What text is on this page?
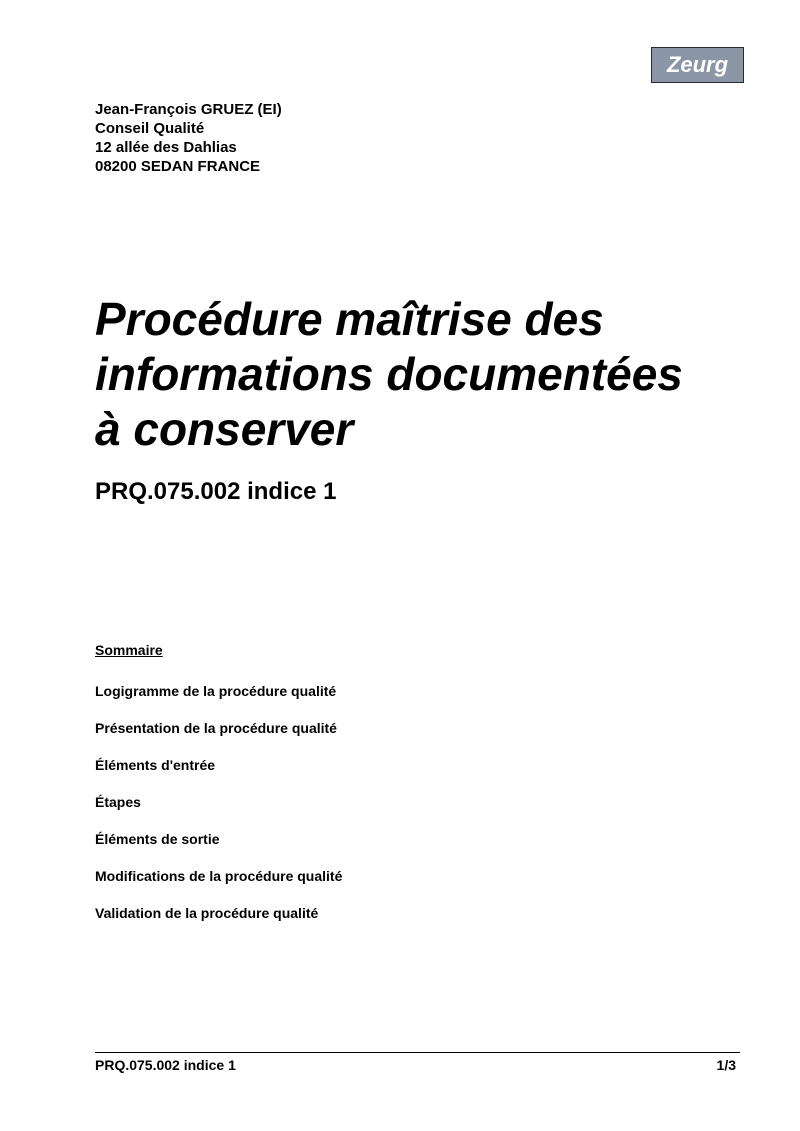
Zeurg
Jean-François GRUEZ (EI)
Conseil Qualité
12 allée des Dahlias
08200 SEDAN FRANCE
Procédure maîtrise des
informations documentées
à conserver
PRQ.075.002 indice 1
Sommaire
Logigramme de la procédure qualité
Présentation de la procédure qualité
Éléments d'entrée
Étapes
Éléments de sortie
Modifications de la procédure qualité
Validation de la procédure qualité
PRQ.075.002 indice 1	1/3
